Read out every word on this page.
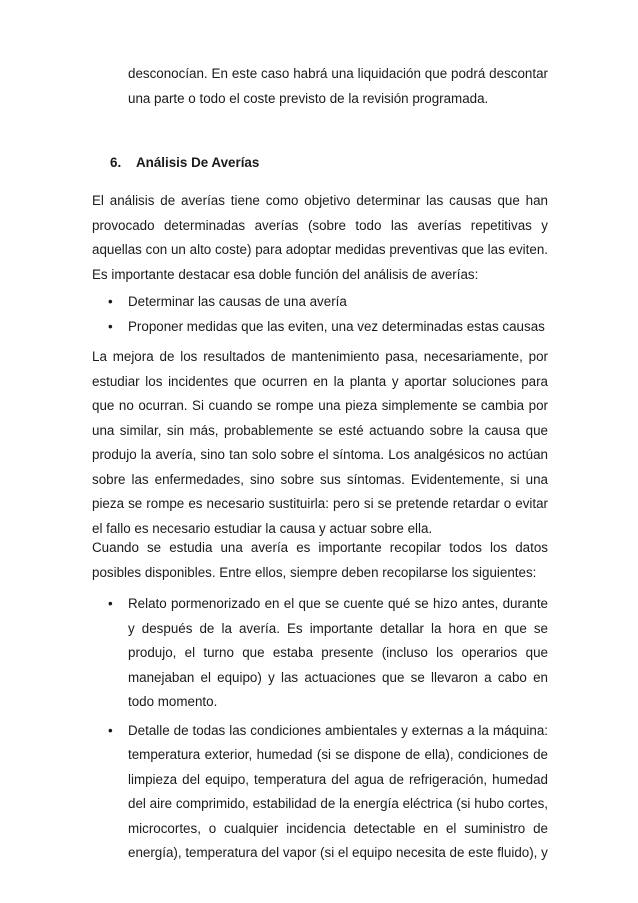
desconocían. En este caso habrá una liquidación que podrá descontar una parte o todo el coste previsto de la revisión programada.

6. Análisis De Averías

El análisis de averías tiene como objetivo determinar las causas que han provocado determinadas averías (sobre todo las averías repetitivas y aquellas con un alto coste) para adoptar medidas preventivas que las eviten. Es importante destacar esa doble función del análisis de averías:

• Determinar las causas de una avería
• Proponer medidas que las eviten, una vez determinadas estas causas

La mejora de los resultados de mantenimiento pasa, necesariamente, por estudiar los incidentes que ocurren en la planta y aportar soluciones para que no ocurran. Si cuando se rompe una pieza simplemente se cambia por una similar, sin más, probablemente se esté actuando sobre la causa que produjo la avería, sino tan solo sobre el síntoma. Los analgésicos no actúan sobre las enfermedades, sino sobre sus síntomas. Evidentemente, si una pieza se rompe es necesario sustituirla: pero si se pretende retardar o evitar el fallo es necesario estudiar la causa y actuar sobre ella.

Cuando se estudia una avería es importante recopilar todos los datos posibles disponibles. Entre ellos, siempre deben recopilarse los siguientes:

• Relato pormenorizado en el que se cuente qué se hizo antes, durante y después de la avería. Es importante detallar la hora en que se produjo, el turno que estaba presente (incluso los operarios que manejaban el equipo) y las actuaciones que se llevaron a cabo en todo momento.
• Detalle de todas las condiciones ambientales y externas a la máquina: temperatura exterior, humedad (si se dispone de ella), condiciones de limpieza del equipo, temperatura del agua de refrigeración, humedad del aire comprimido, estabilidad de la energía eléctrica (si hubo cortes, microcortes, o cualquier incidencia detectable en el suministro de energía), temperatura del vapor (si el equipo necesita de este fluido), y
